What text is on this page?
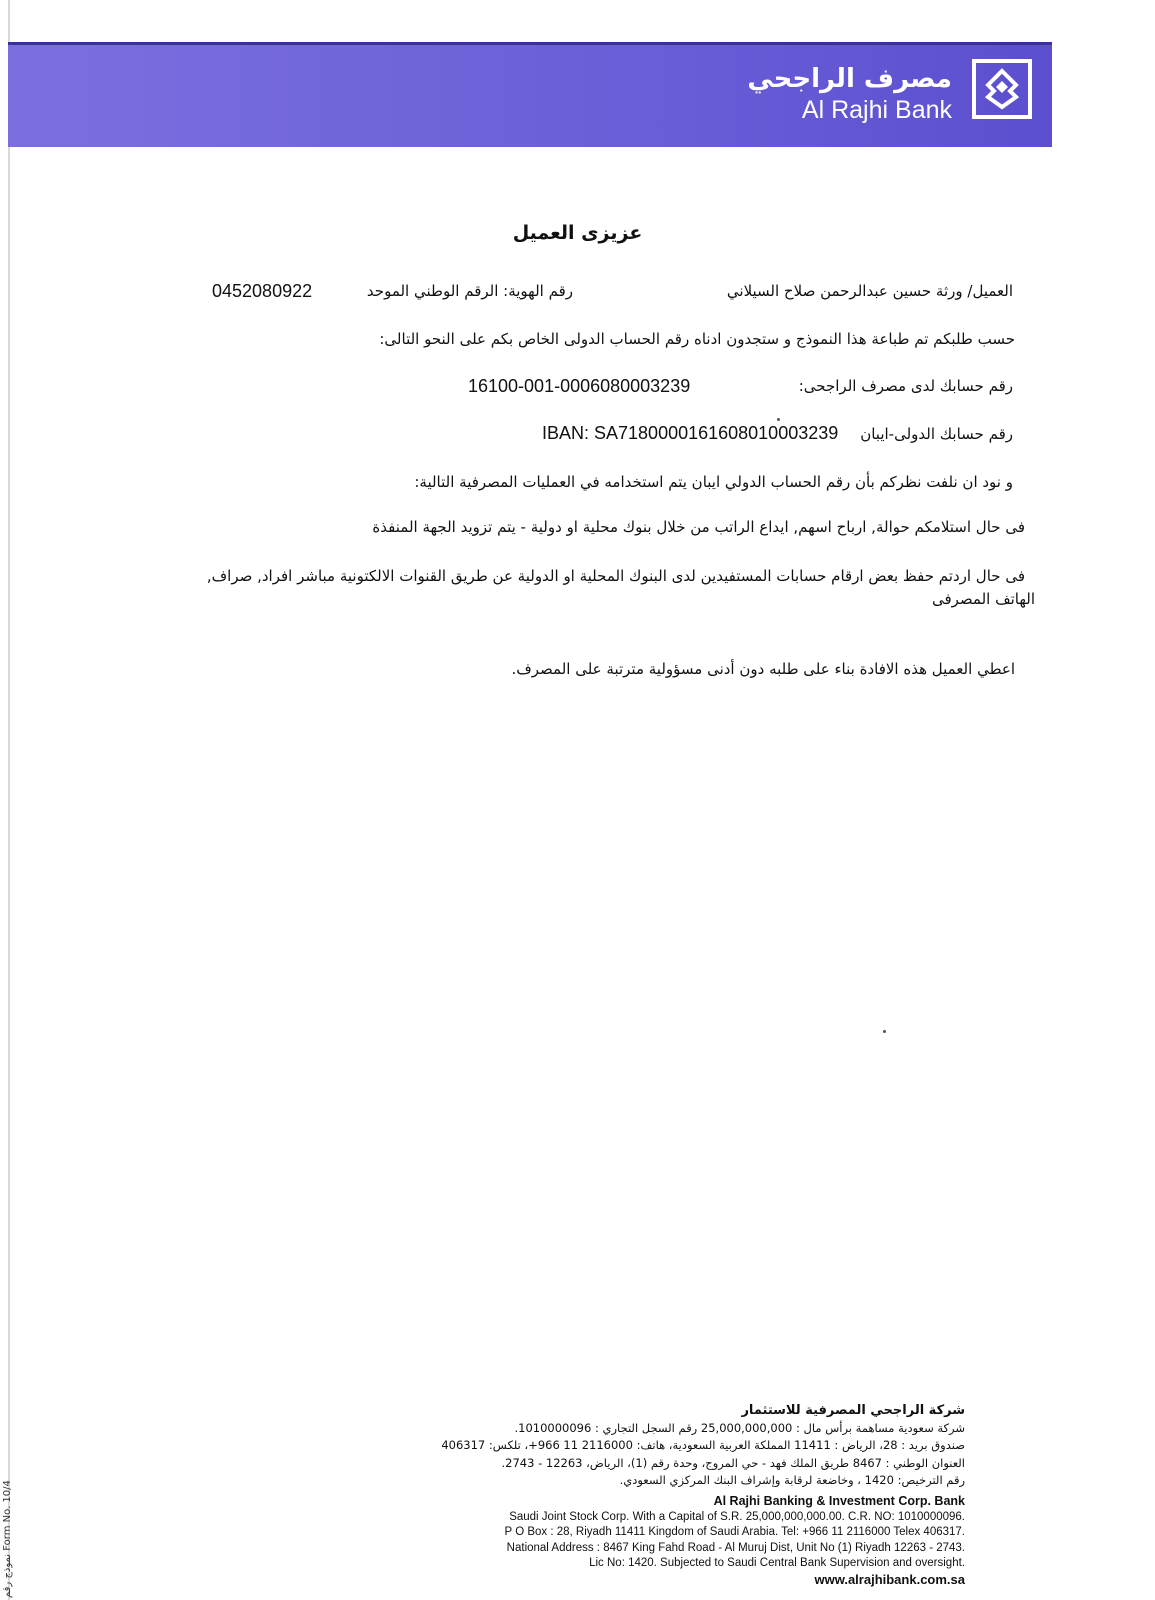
مصرف الراجحي
Al Rajhi Bank
عزيزى العميل
العميل/ ورثة حسين عبدالرحمن صلاح السيلاني
رقم الهوية: الرقم الوطني الموحد
0452080922
حسب طلبكم تم طباعة هذا النموذج و ستجدون ادناه رقم الحساب الدولى الخاص بكم على النحو التالى:
رقم حسابك لدى مصرف الراجحى:
16100-001-0006080003239
رقم حسابك الدولى-ايبان
IBAN: SA7180000161608010003239
و نود ان نلفت نظركم بأن رقم الحساب الدولي ايبان يتم استخدامه في العمليات المصرفية التالية:
فى حال استلامكم حوالة, ارباح اسهم, ايداع الراتب من خلال بنوك محلية او دولية - يتم تزويد الجهة المنفذة
فى حال اردتم حفظ بعض ارقام حسابات المستفيدين لدى البنوك المحلية او الدولية عن طريق القنوات الالكتونية مباشر افراد, صراف,
الهاتف المصرفى
اعطي العميل هذه الافادة بناء على طلبه دون أدنى مسؤولية مترتبة على المصرف.
شركة الراجحي المصرفية للاستثمار
شركة سعودية مساهمة برأس مال : 25,000,000,000 رقم السجل التجاري : 1010000096.
صندوق بريد : 28، الرياض : 11411 المملكة العربية السعودية، هاتف: 2116000 11 966+، تلكس: 406317
العنوان الوطني : 8467 طريق الملك فهد - حي المروج، وحدة رقم (1)، الرياض، 12263 - 2743.
رقم الترخيص: 1420 ، وخاضعة لرقابة وإشراف البنك المركزي السعودي.
Al Rajhi Banking & Investment Corp. Bank
Saudi Joint Stock Corp. With a Capital of S.R. 25,000,000,000.00. C.R. NO: 1010000096.
P O Box : 28, Riyadh 11411 Kingdom of Saudi Arabia. Tel: +966 11 2116000 Telex 406317.
National Address : 8467 King Fahd Road - Al Muruj Dist, Unit No (1) Riyadh 12263 - 2743.
Lic No: 1420. Subjected to Saudi Central Bank Supervision and oversight.
www.alrajhibank.com.sa
نموذج رقم Form No. 10/4
